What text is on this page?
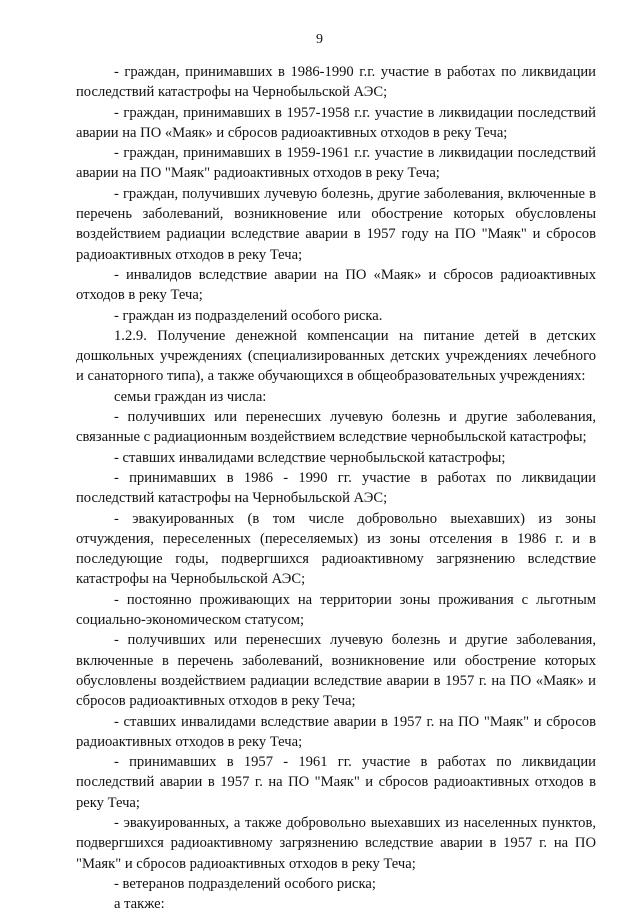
9

- граждан, принимавших в 1986-1990 г.г. участие в работах по ликвидации последствий катастрофы на Чернобыльской АЭС;

- граждан, принимавших в 1957-1958 г.г. участие в ликвидации последствий аварии на ПО «Маяк» и сбросов радиоактивных отходов в реку Теча;

- граждан, принимавших в 1959-1961 г.г. участие в ликвидации последствий аварии на ПО "Маяк" радиоактивных отходов в реку Теча;

- граждан, получивших лучевую болезнь, другие заболевания, включенные в перечень заболеваний, возникновение или обострение которых обусловлены воздействием радиации вследствие аварии в 1957 году на ПО "Маяк" и сбросов радиоактивных отходов в реку Теча;

- инвалидов вследствие аварии на ПО «Маяк» и сбросов радиоактивных отходов в реку Теча;

- граждан из подразделений особого риска.

1.2.9. Получение денежной компенсации на питание детей в детских дошкольных учреждениях (специализированных детских учреждениях лечебного и санаторного типа), а также обучающихся в общеобразовательных учреждениях:

семьи граждан из числа:

- получивших или перенесших лучевую болезнь и другие заболевания, связанные с радиационным воздействием вследствие чернобыльской катастрофы;

- ставших инвалидами вследствие чернобыльской катастрофы;

- принимавших в 1986 - 1990 гг. участие в работах по ликвидации последствий катастрофы на Чернобыльской АЭС;

- эвакуированных (в том числе добровольно выехавших) из зоны отчуждения, переселенных (переселяемых) из зоны отселения в 1986 г. и в последующие годы, подвергшихся радиоактивному загрязнению вследствие катастрофы на Чернобыльской АЭС;

- постоянно проживающих на территории зоны проживания с льготным социально-экономическом статусом;

- получивших или перенесших лучевую болезнь и другие заболевания, включенные в перечень заболеваний, возникновение или обострение которых обусловлены воздействием радиации вследствие аварии в 1957 г. на ПО «Маяк» и сбросов радиоактивных отходов в реку Теча;

- ставших инвалидами вследствие аварии в 1957 г. на ПО "Маяк" и сбросов радиоактивных отходов в реку Теча;

- принимавших в 1957 - 1961 гг. участие в работах по ликвидации последствий аварии в 1957 г. на ПО "Маяк" и сбросов радиоактивных отходов в реку Теча;

- эвакуированных, а также добровольно выехавших из населенных пунктов, подвергшихся радиоактивному загрязнению вследствие аварии в 1957 г. на ПО "Маяк" и сбросов радиоактивных отходов в реку Теча;

- ветеранов подразделений особого риска;

а также:
